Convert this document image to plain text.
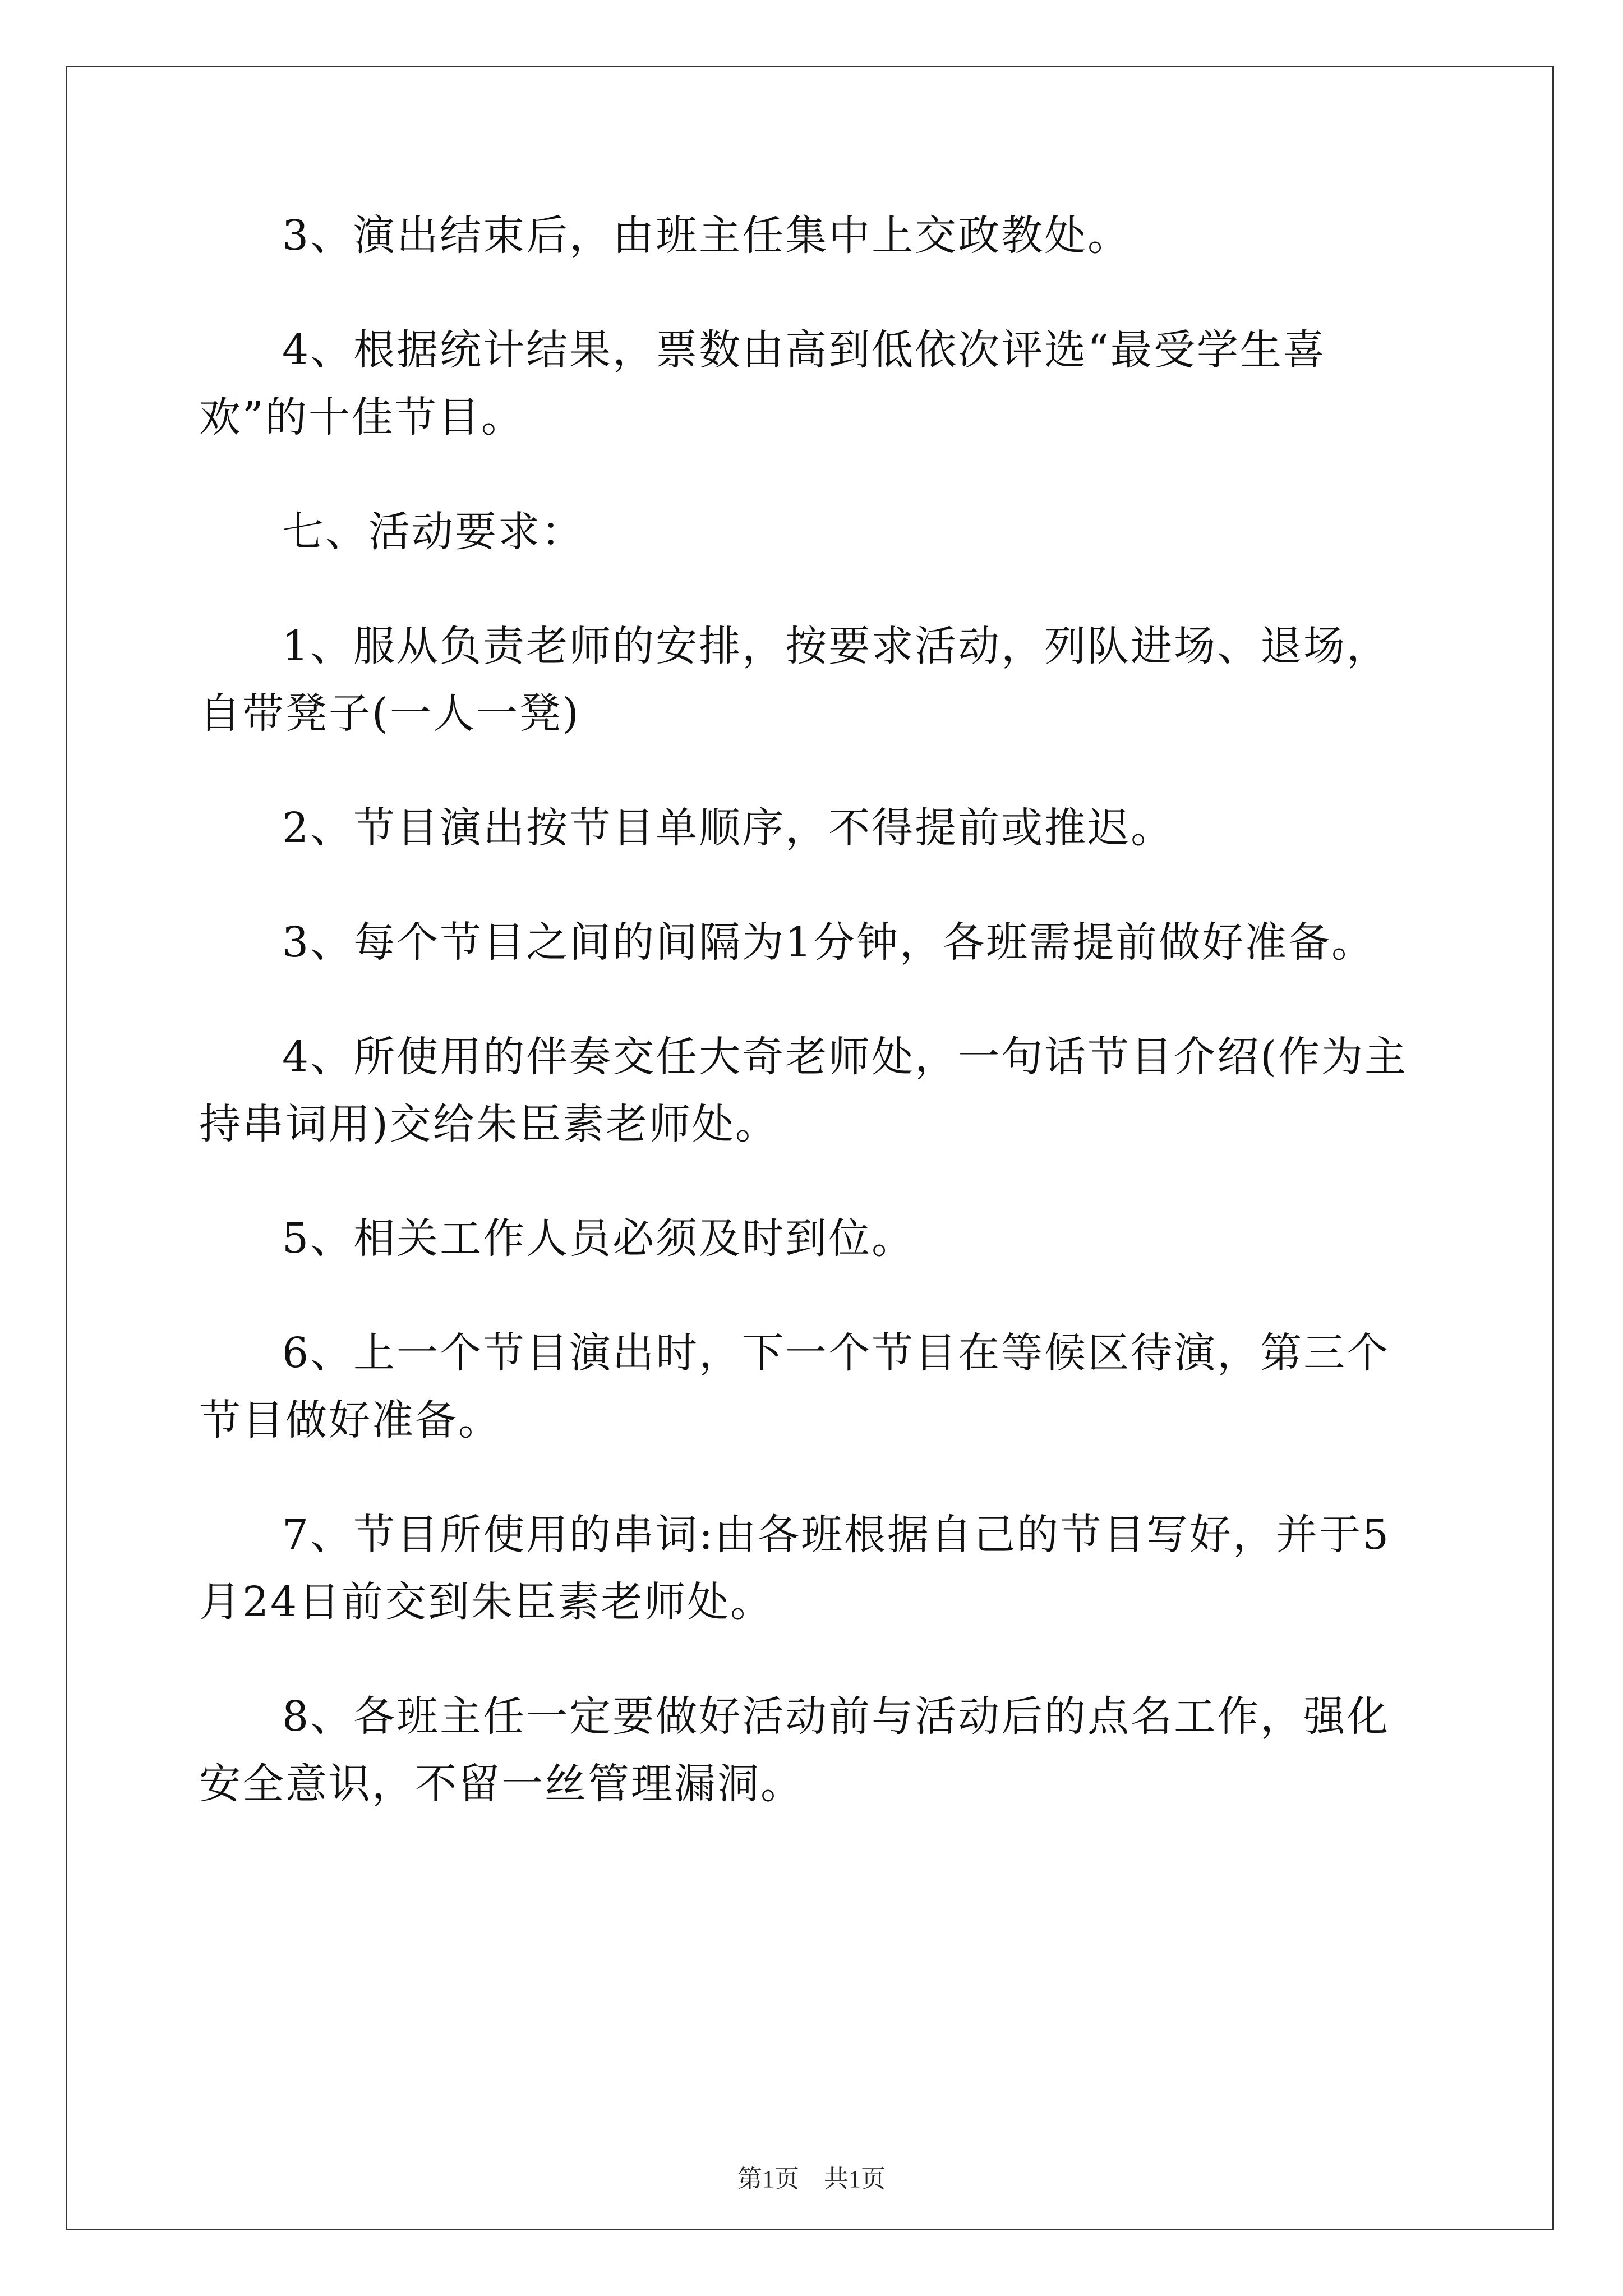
3、演出结束后，由班主任集中上交政教处。

4、根据统计结果，票数由高到低依次评选“最受学生喜欢”的十佳节目。

七、活动要求：

1、服从负责老师的安排，按要求活动，列队进场、退场，自带凳子(一人一凳)

2、节目演出按节目单顺序，不得提前或推迟。

3、每个节目之间的间隔为1分钟，各班需提前做好准备。

4、所使用的伴奏交任大奇老师处，一句话节目介绍(作为主持串词用)交给朱臣素老师处。

5、相关工作人员必须及时到位。

6、上一个节目演出时，下一个节目在等候区待演，第三个节目做好准备。

7、节目所使用的串词:由各班根据自己的节目写好，并于5月24日前交到朱臣素老师处。

8、各班主任一定要做好活动前与活动后的点名工作，强化安全意识，不留一丝管理漏洞。

第1页　共1页
